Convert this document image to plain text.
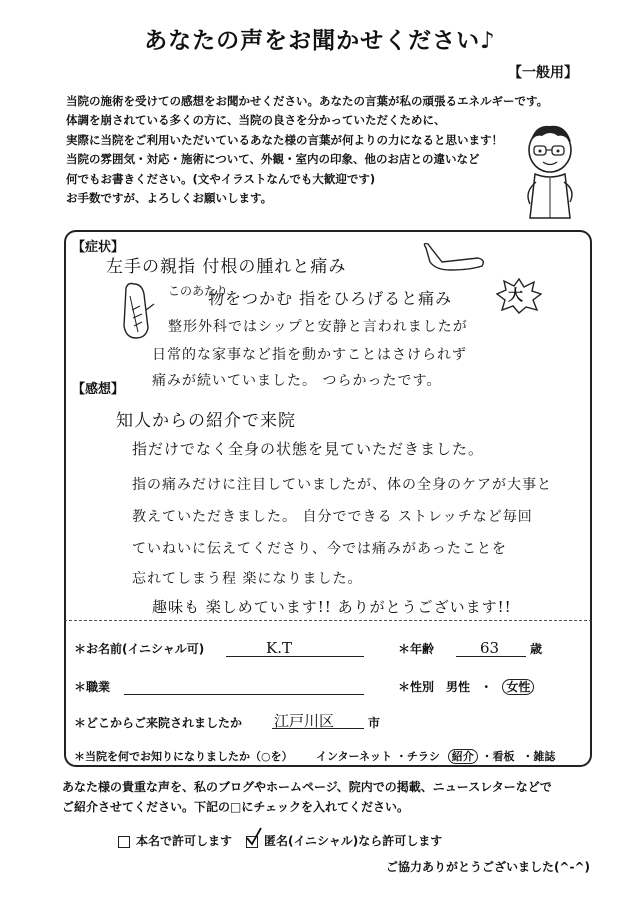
あなたの声をお聞かせください♪
【一般用】
当院の施術を受けての感想をお聞かせください。あなたの言葉が私の頑張るエネルギーです。
体調を崩されている多くの方に、当院の良さを分かっていただくために、
実際に当院をご利用いただいているあなた様の言葉が何よりの力になると思います！
当院の雰囲気・対応・施術について、外観・室内の印象、他のお店との違いなど
何でもお書きください。(文やイラストなんでも大歓迎です)
お手数ですが、よろしくお願いします。
【症状】
左手の親指 付根の腫れと痛み
このあたり
物をつかむ 指をひろげると痛み	大
整形外科ではシップと安静と言われましたが
日常的な家事など指を動かすことはさけられず
痛みが続いていました。 つらかったです。
【感想】
知人からの紹介で来院
指だけでなく全身の状態を見ていただきました。
指の痛みだけに注目していましたが、体の全身のケアが大事と
教えていただきました。 自分でできる ストレッチなど毎回
ていねいに伝えてくださり、今では痛みがあったことを
忘れてしまう程 楽になりました。
趣味も 楽しめています!! ありがとうございます!!
＊お名前(イニシャル可)	K.T	＊年齢	63	歳
＊職業	＊性別 男性 ・ 女性
＊どこからご来院されましたか 江戸川区	市
＊当院を何でお知りになりましたか（○を） インターネット ・チラシ 紹介 ・看板 ・雑誌
あなた様の貴重な声を、私のブログやホームページ、院内での掲載、ニュースレターなどで
ご紹介させてください。下記の□にチェックを入れてください。
本名で許可します	匿名(イニシャル)なら許可します
ご協力ありがとうございました(^-^)
